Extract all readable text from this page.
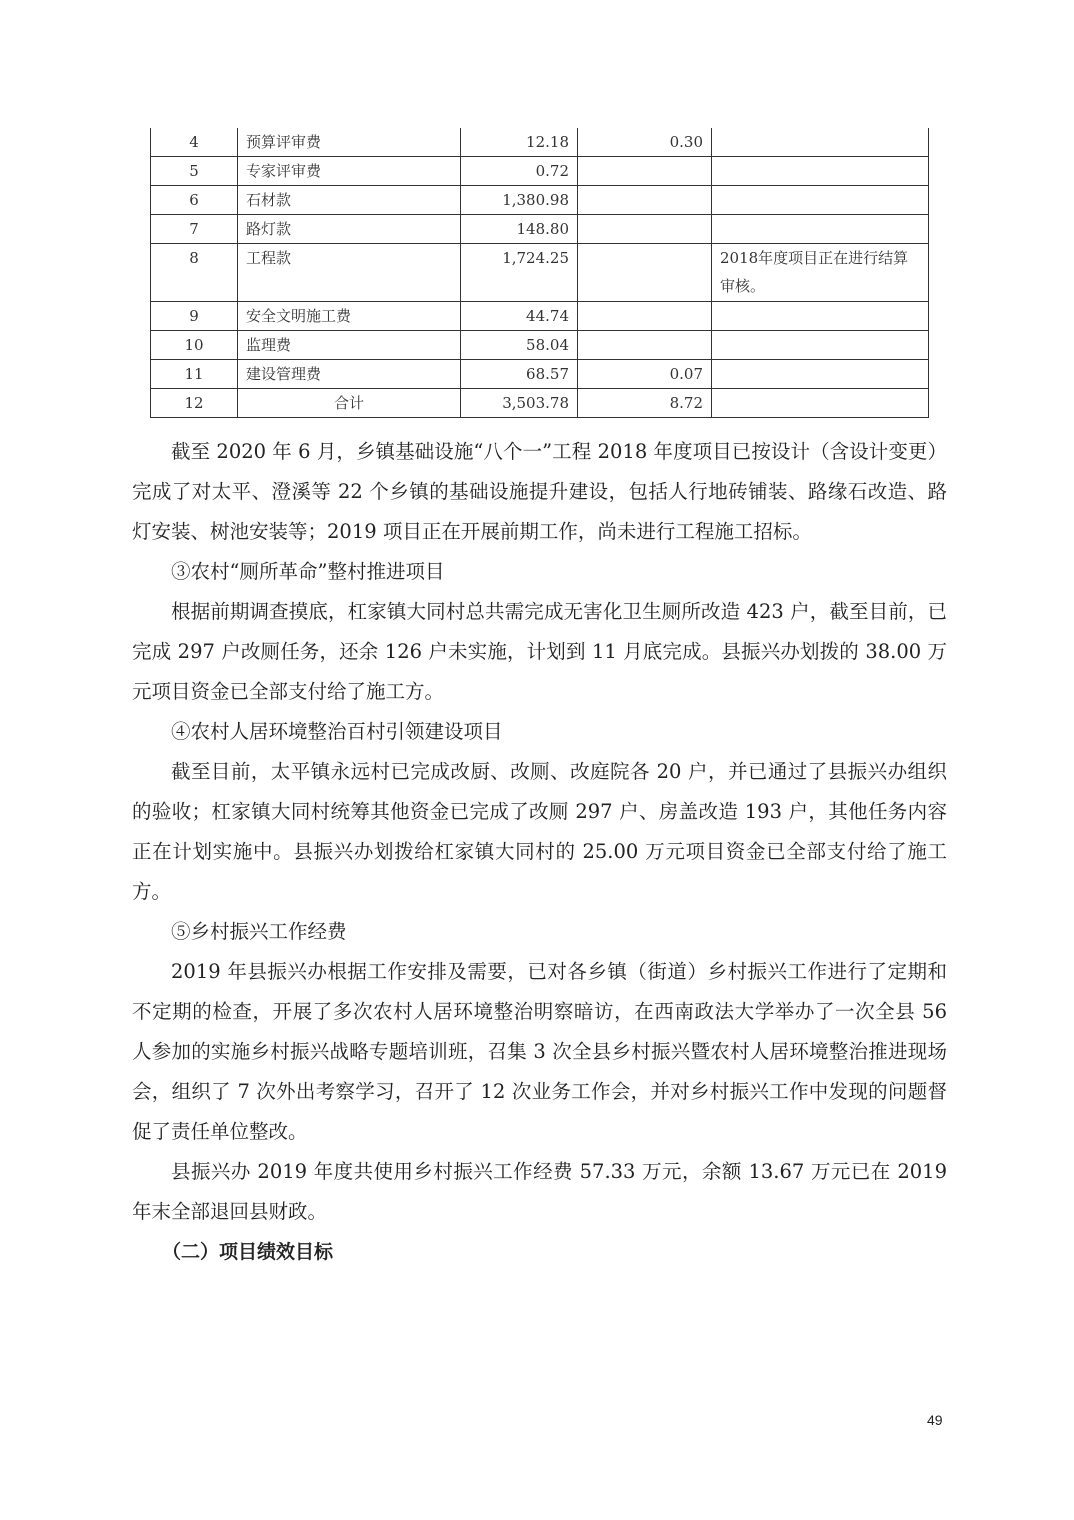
4	预算评审费	12.18	0.30	
5	专家评审费	0.72		
6	石材款	1,380.98		
7	路灯款	148.80		
8	工程款	1,724.25		2018年度项目正在进行结算审核。
9	安全文明施工费	44.74		
10	监理费	58.04		
11	建设管理费	68.57	0.07	
12	合计	3,503.78	8.72	

截至 2020 年 6 月，乡镇基础设施“八个一”工程 2018 年度项目已按设计（含设计变更）完成了对太平、澄溪等 22 个乡镇的基础设施提升建设，包括人行地砖铺装、路缘石改造、路灯安装、树池安装等；2019 项目正在开展前期工作，尚未进行工程施工招标。

③农村“厕所革命”整村推进项目

根据前期调查摸底，杠家镇大同村总共需完成无害化卫生厕所改造 423 户，截至目前，已完成 297 户改厕任务，还余 126 户未实施，计划到 11 月底完成。县振兴办划拨的 38.00 万元项目资金已全部支付给了施工方。

④农村人居环境整治百村引领建设项目

截至目前，太平镇永远村已完成改厨、改厕、改庭院各 20 户，并已通过了县振兴办组织的验收；杠家镇大同村统筹其他资金已完成了改厕 297 户、房盖改造 193 户，其他任务内容正在计划实施中。县振兴办划拨给杠家镇大同村的 25.00 万元项目资金已全部支付给了施工方。

⑤乡村振兴工作经费

2019 年县振兴办根据工作安排及需要，已对各乡镇（街道）乡村振兴工作进行了定期和不定期的检查，开展了多次农村人居环境整治明察暗访，在西南政法大学举办了一次全县 56 人参加的实施乡村振兴战略专题培训班，召集 3 次全县乡村振兴暨农村人居环境整治推进现场会，组织了 7 次外出考察学习，召开了 12 次业务工作会，并对乡村振兴工作中发现的问题督促了责任单位整改。

县振兴办 2019 年度共使用乡村振兴工作经费 57.33 万元，余额 13.67 万元已在 2019 年末全部退回县财政。

（二）项目绩效目标

49
